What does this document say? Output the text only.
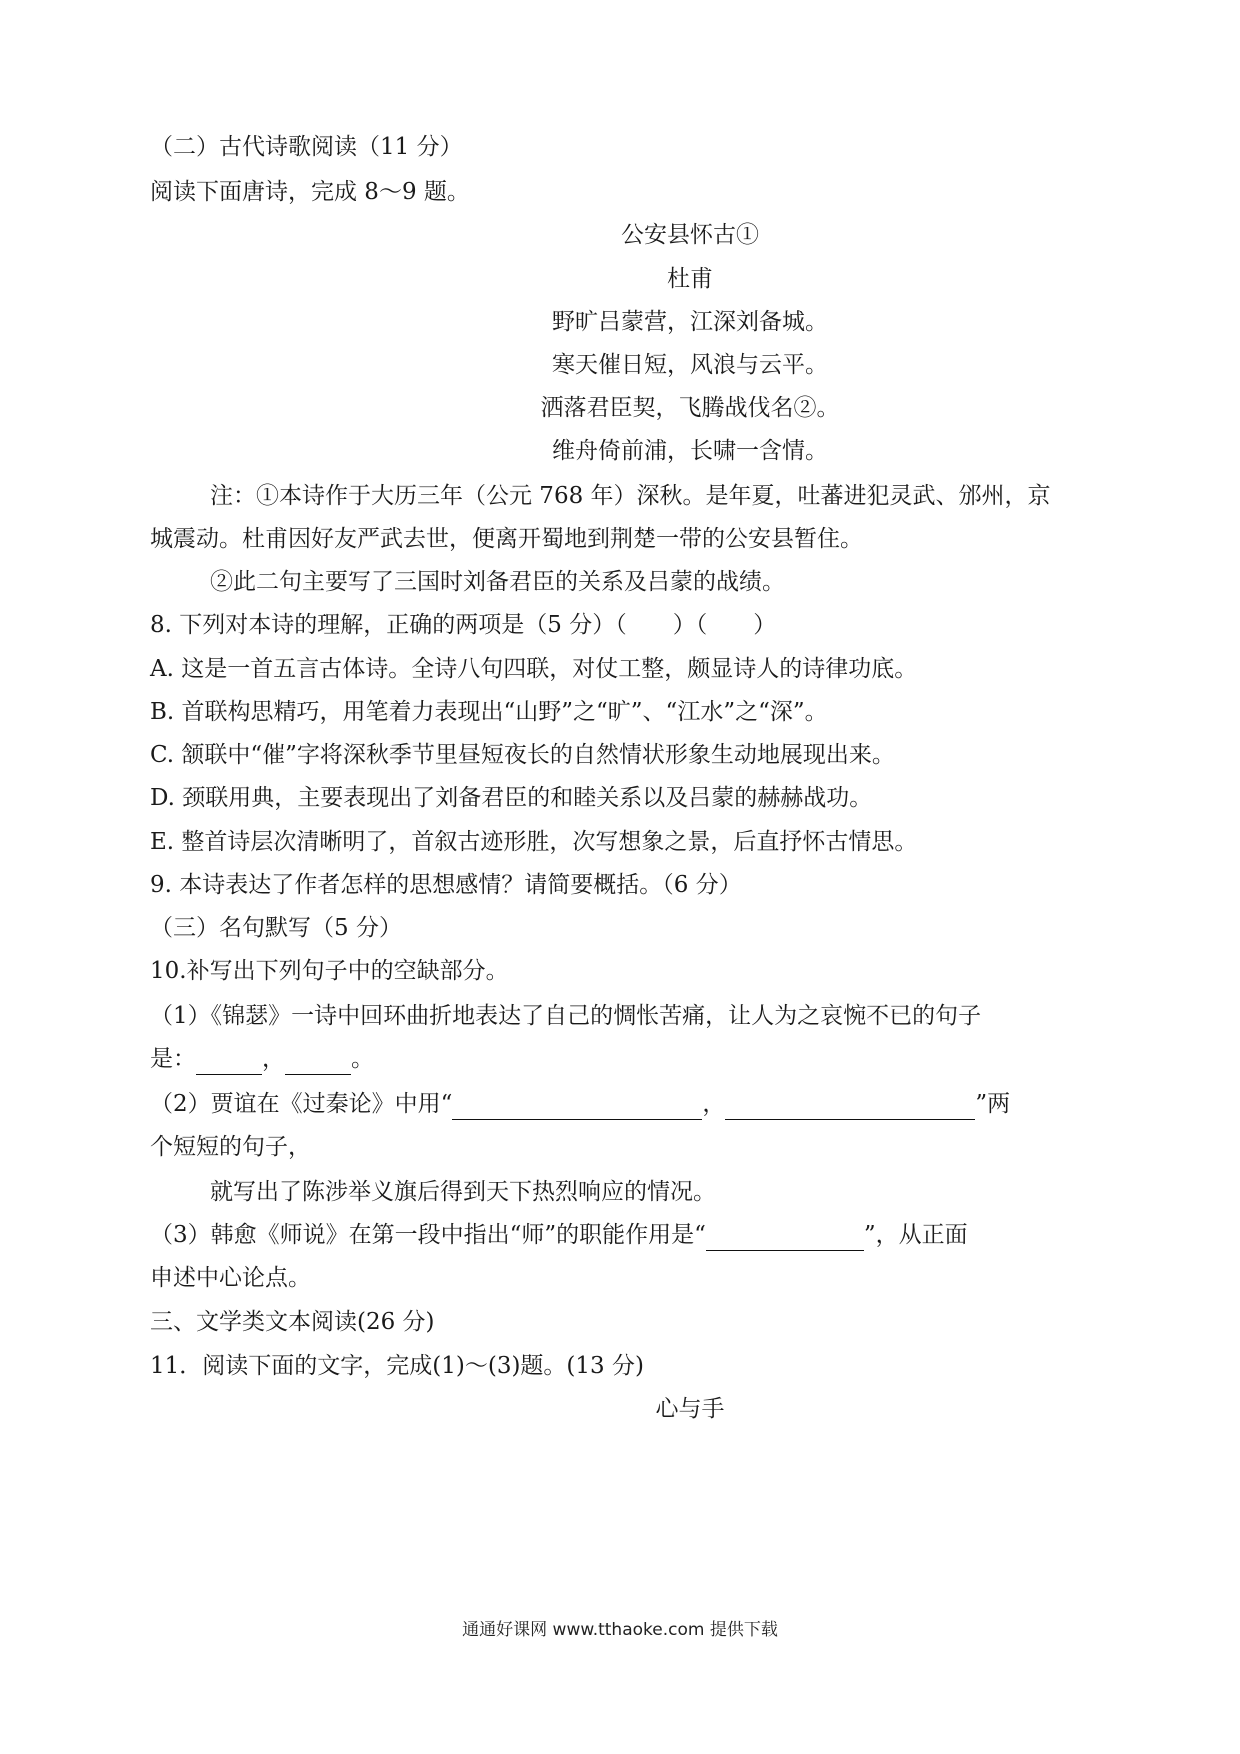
（二）古代诗歌阅读（11 分）
阅读下面唐诗，完成 8～9 题。
公安县怀古①
杜甫
野旷吕蒙营，江深刘备城。
寒天催日短，风浪与云平。
洒落君臣契，飞腾战伐名②。
维舟倚前浦，长啸一含情。
注：①本诗作于大历三年（公元 768 年）深秋。是年夏，吐蕃进犯灵武、邠州，京
城震动。杜甫因好友严武去世，便离开蜀地到荆楚一带的公安县暂住。
②此二句主要写了三国时刘备君臣的关系及吕蒙的战绩。
8. 下列对本诗的理解，正确的两项是（5 分）（　　）（　　）
A. 这是一首五言古体诗。全诗八句四联，对仗工整，颇显诗人的诗律功底。
B. 首联构思精巧，用笔着力表现出“山野”之“旷”、“江水”之“深”。
C. 颔联中“催”字将深秋季节里昼短夜长的自然情状形象生动地展现出来。
D. 颈联用典，主要表现出了刘备君臣的和睦关系以及吕蒙的赫赫战功。
E. 整首诗层次清晰明了，首叙古迹形胜，次写想象之景，后直抒怀古情思。
9. 本诗表达了作者怎样的思想感情？请简要概括。（6 分）
（三）名句默写（5 分）
10.补写出下列句子中的空缺部分。
（1）《锦瑟》一诗中回环曲折地表达了自己的惆怅苦痛，让人为之哀惋不已的句子
是：	，	。
（2）贾谊在《过秦论》中用“	，	”两
个短短的句子，
就写出了陈涉举义旗后得到天下热烈响应的情况。
（3）韩愈《师说》在第一段中指出“师”的职能作用是“	”，从正面
申述中心论点。
三、文学类文本阅读(26 分)
11．阅读下面的文字，完成(1)～(3)题。(13 分)
心与手
通通好课网 www.tthaoke.com 提供下载
